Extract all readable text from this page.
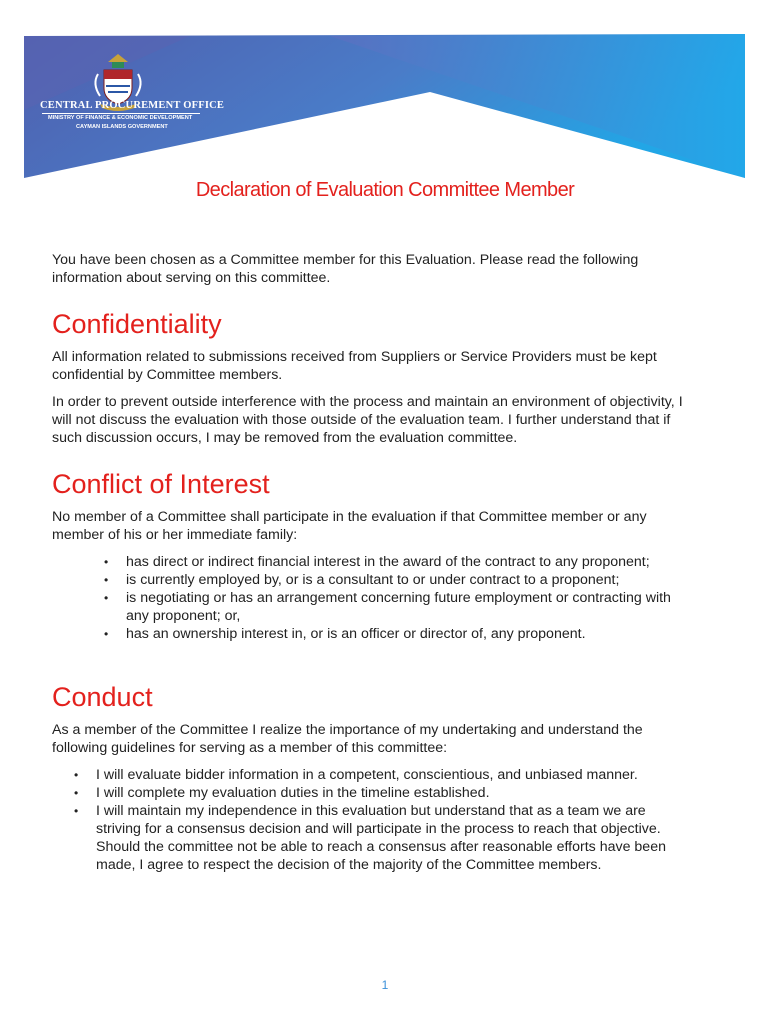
CENTRAL PROCUREMENT OFFICE
MINISTRY OF FINANCE & ECONOMIC DEVELOPMENT
CAYMAN ISLANDS GOVERNMENT
Declaration of Evaluation Committee Member

You have been chosen as a Committee member for this Evaluation. Please read the following information about serving on this committee.

Confidentiality

All information related to submissions received from Suppliers or Service Providers must be kept confidential by Committee members.

In order to prevent outside interference with the process and maintain an environment of objectivity, I will not discuss the evaluation with those outside of the evaluation team. I further understand that if such discussion occurs, I may be removed from the evaluation committee.

Conflict of Interest

No member of a Committee shall participate in the evaluation if that Committee member or any member of his or her immediate family:

• has direct or indirect financial interest in the award of the contract to any proponent;
• is currently employed by, or is a consultant to or under contract to a proponent;
• is negotiating or has an arrangement concerning future employment or contracting with any proponent; or,
• has an ownership interest in, or is an officer or director of, any proponent.
Conduct

As a member of the Committee I realize the importance of my undertaking and understand the following guidelines for serving as a member of this committee:

• I will evaluate bidder information in a competent, conscientious, and unbiased manner.
• I will complete my evaluation duties in the timeline established.
• I will maintain my independence in this evaluation but understand that as a team we are striving for a consensus decision and will participate in the process to reach that objective. Should the committee not be able to reach a consensus after reasonable efforts have been made, I agree to respect the decision of the majority of the Committee members.
1
